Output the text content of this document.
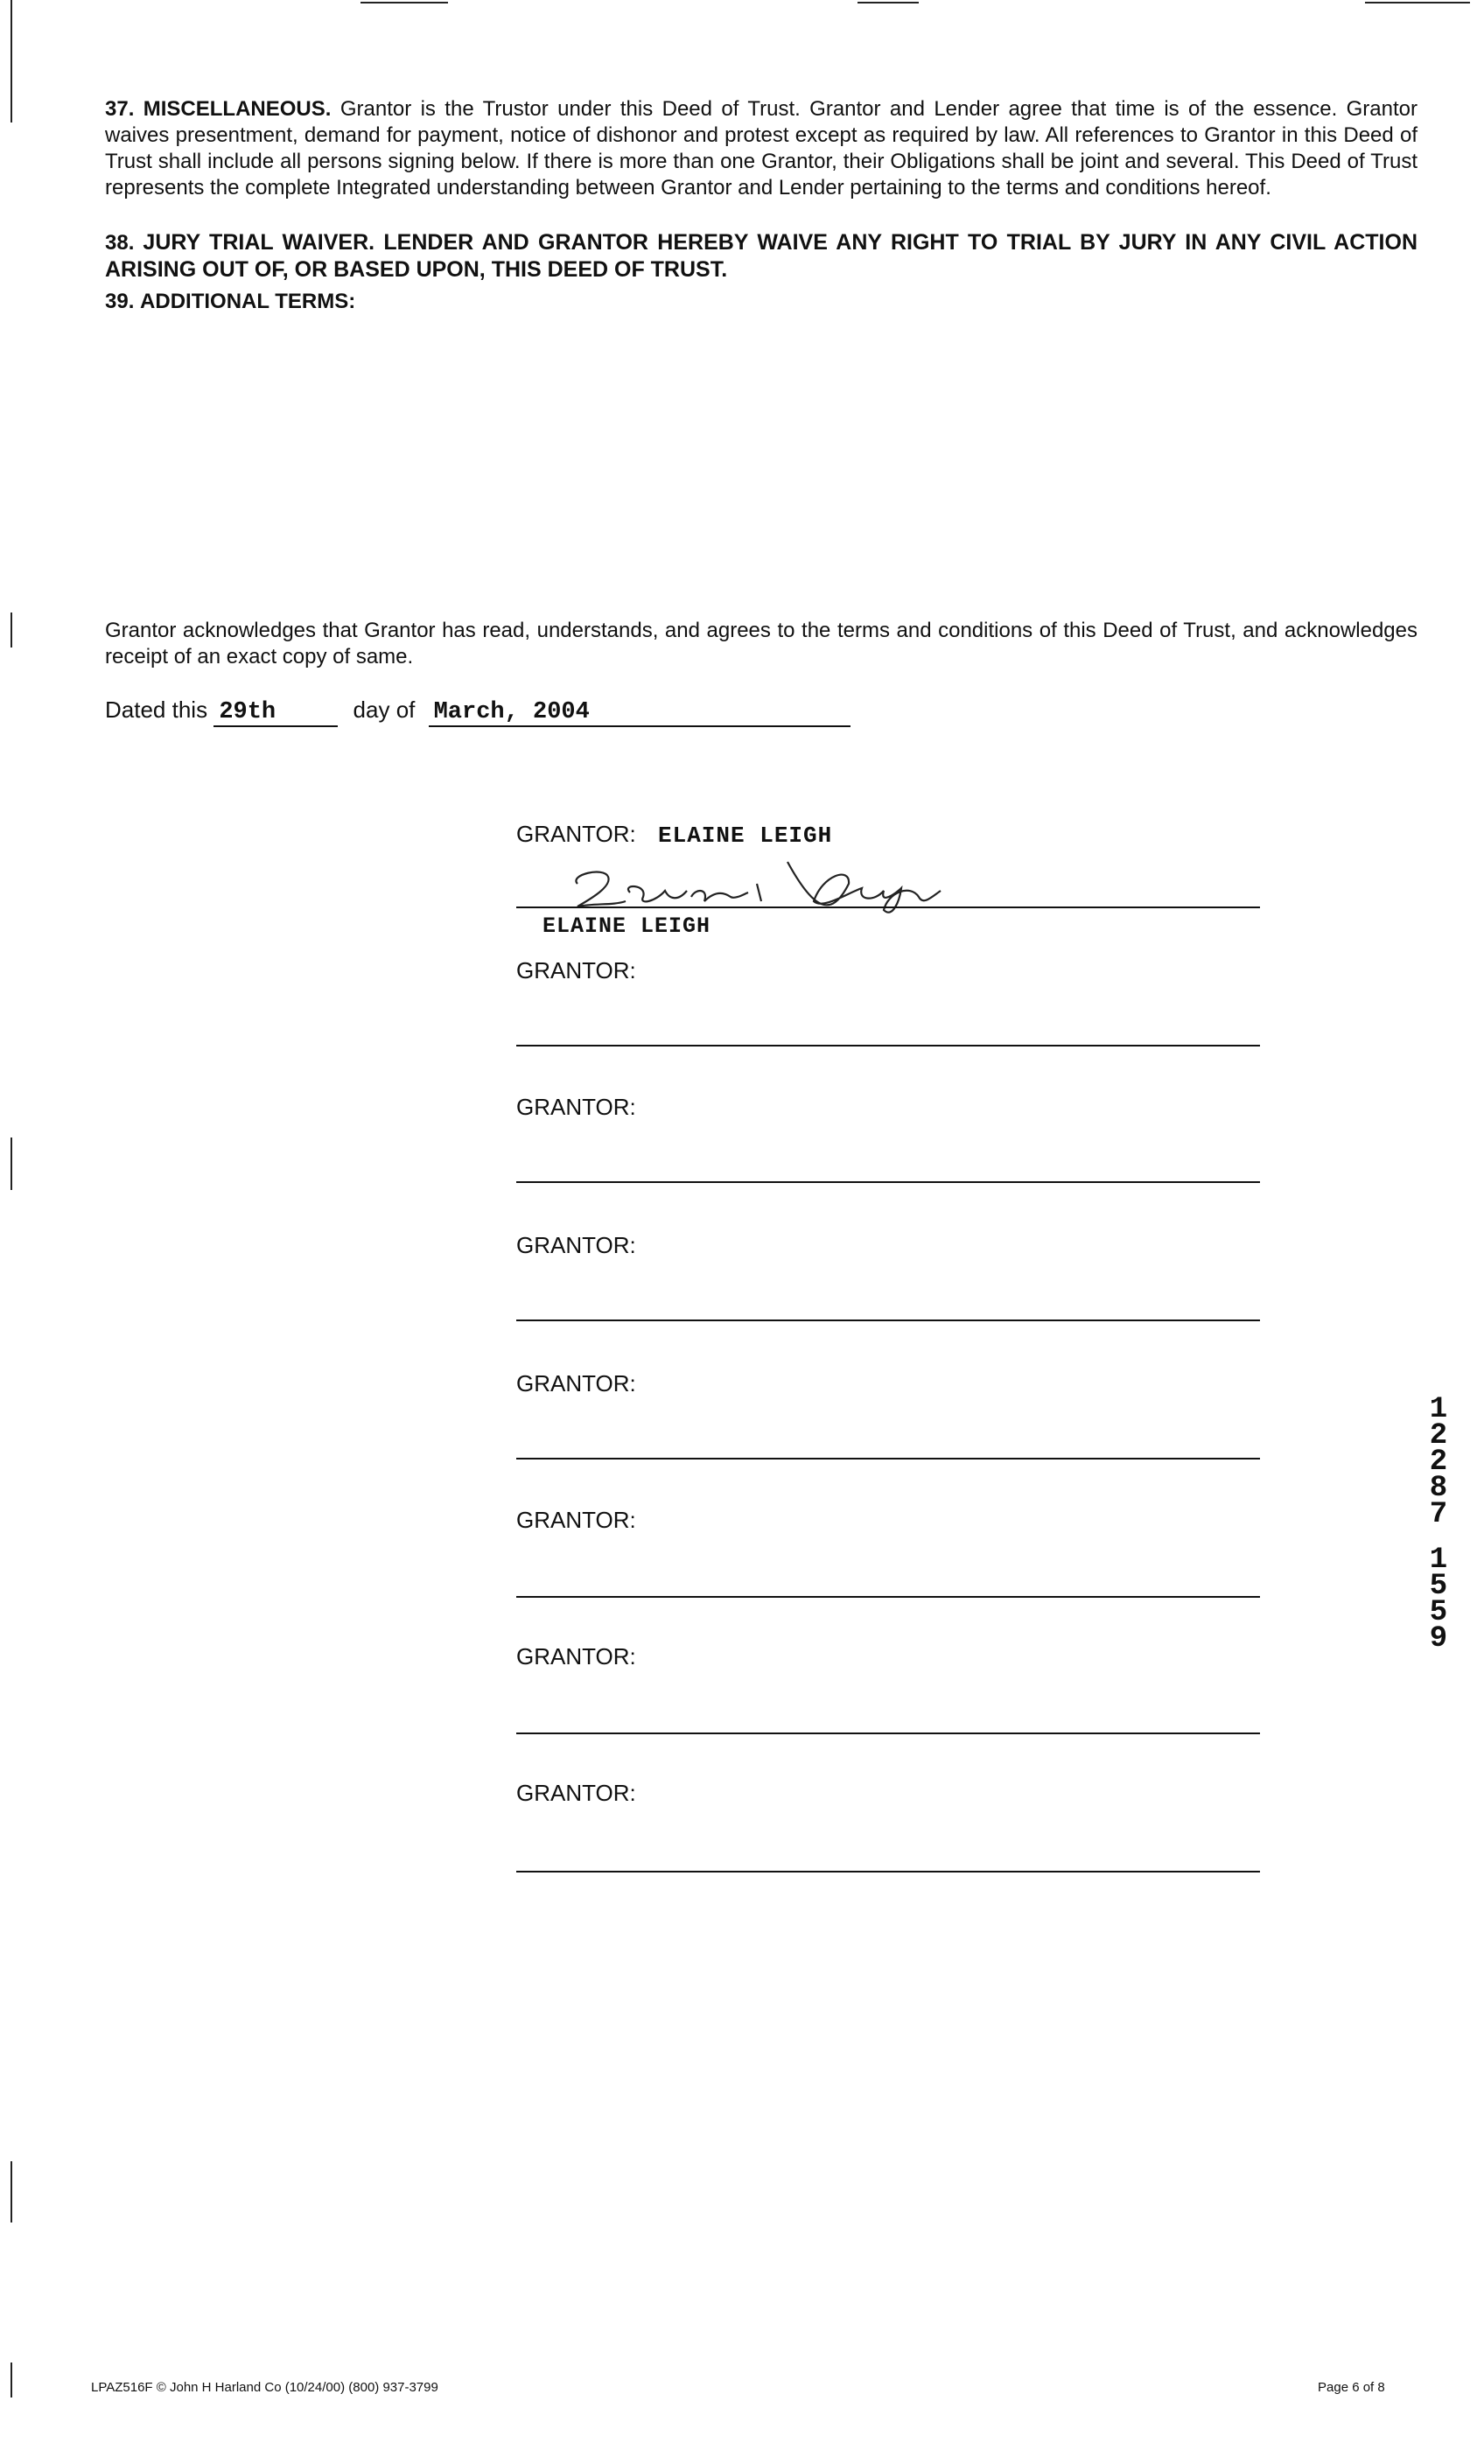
37. MISCELLANEOUS. Grantor is the Trustor under this Deed of Trust. Grantor and Lender agree that time is of the essence. Grantor waives presentment, demand for payment, notice of dishonor and protest except as required by law. All references to Grantor in this Deed of Trust shall include all persons signing below. If there is more than one Grantor, their Obligations shall be joint and several. This Deed of Trust represents the complete Integrated understanding between Grantor and Lender pertaining to the terms and conditions hereof.
38. JURY TRIAL WAIVER. LENDER AND GRANTOR HEREBY WAIVE ANY RIGHT TO TRIAL BY JURY IN ANY CIVIL ACTION ARISING OUT OF, OR BASED UPON, THIS DEED OF TRUST.
39. ADDITIONAL TERMS:
Grantor acknowledges that Grantor has read, understands, and agrees to the terms and conditions of this Deed of Trust, and acknowledges receipt of an exact copy of same.
Dated this 29th	day of March, 2004
GRANTOR: ELAINE LEIGH
Elaine Leigh
ELAINE LEIGH
GRANTOR:
GRANTOR:
GRANTOR:
GRANTOR:
GRANTOR:
GRANTOR:
GRANTOR:
1
2
2
8
7
1
5
5
9
LPAZ516F © John H Harland Co (10/24/00) (800) 937-3799	Page 6 of 8
